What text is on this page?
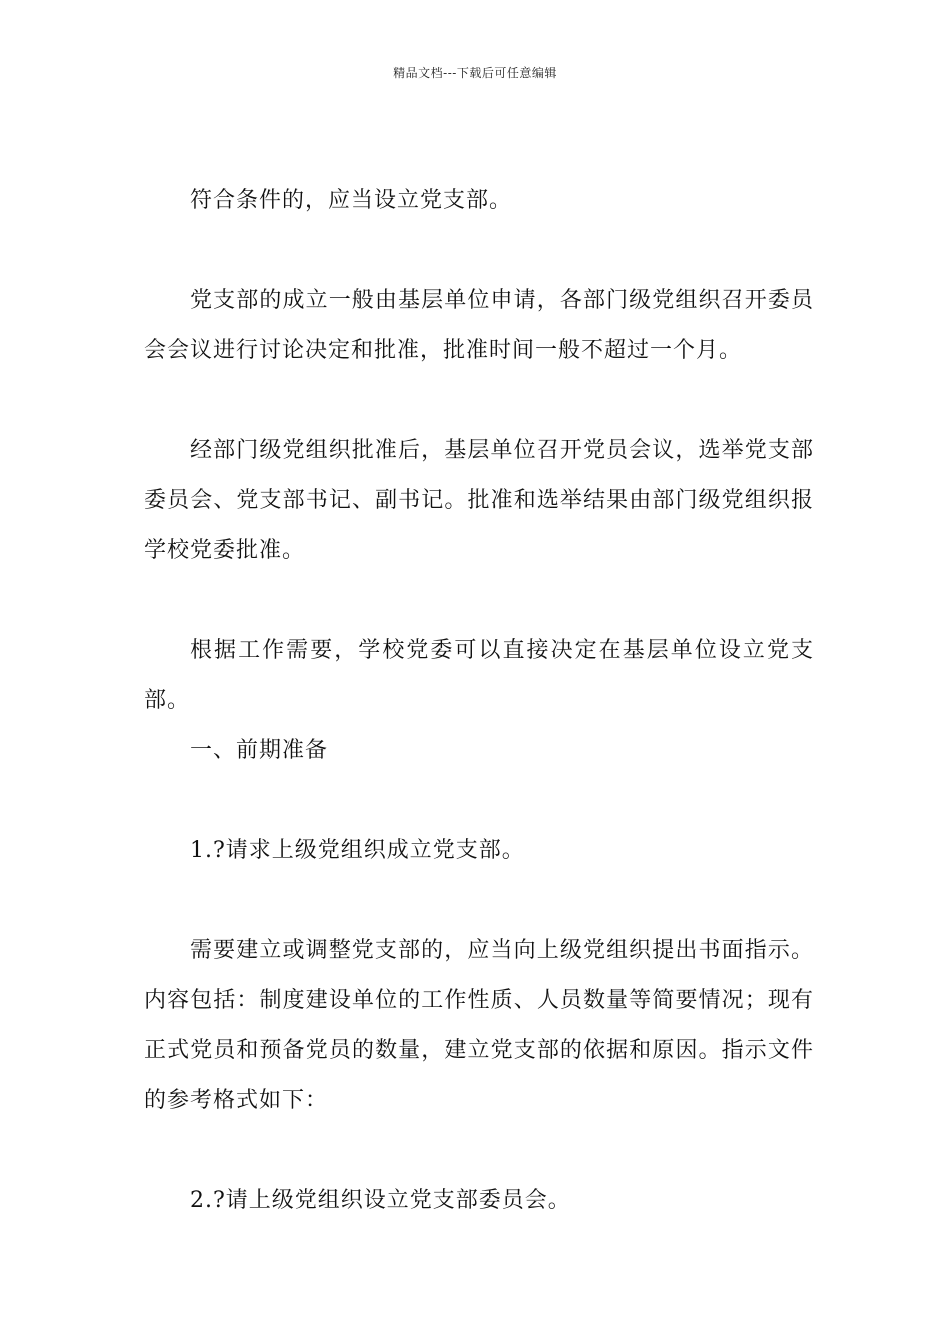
精品文档---下载后可任意编辑

符合条件的，应当设立党支部。

党支部的成立一般由基层单位申请，各部门级党组织召开委员会会议进行讨论决定和批准，批准时间一般不超过一个月。

经部门级党组织批准后，基层单位召开党员会议，选举党支部委员会、党支部书记、副书记。批准和选举结果由部门级党组织报学校党委批准。

根据工作需要，学校党委可以直接决定在基层单位设立党支部。

一、前期准备

1.?请求上级党组织成立党支部。

需要建立或调整党支部的，应当向上级党组织提出书面指示。内容包括：制度建设单位的工作性质、人员数量等简要情况；现有正式党员和预备党员的数量，建立党支部的依据和原因。指示文件的参考格式如下：

2.?请上级党组织设立党支部委员会。
